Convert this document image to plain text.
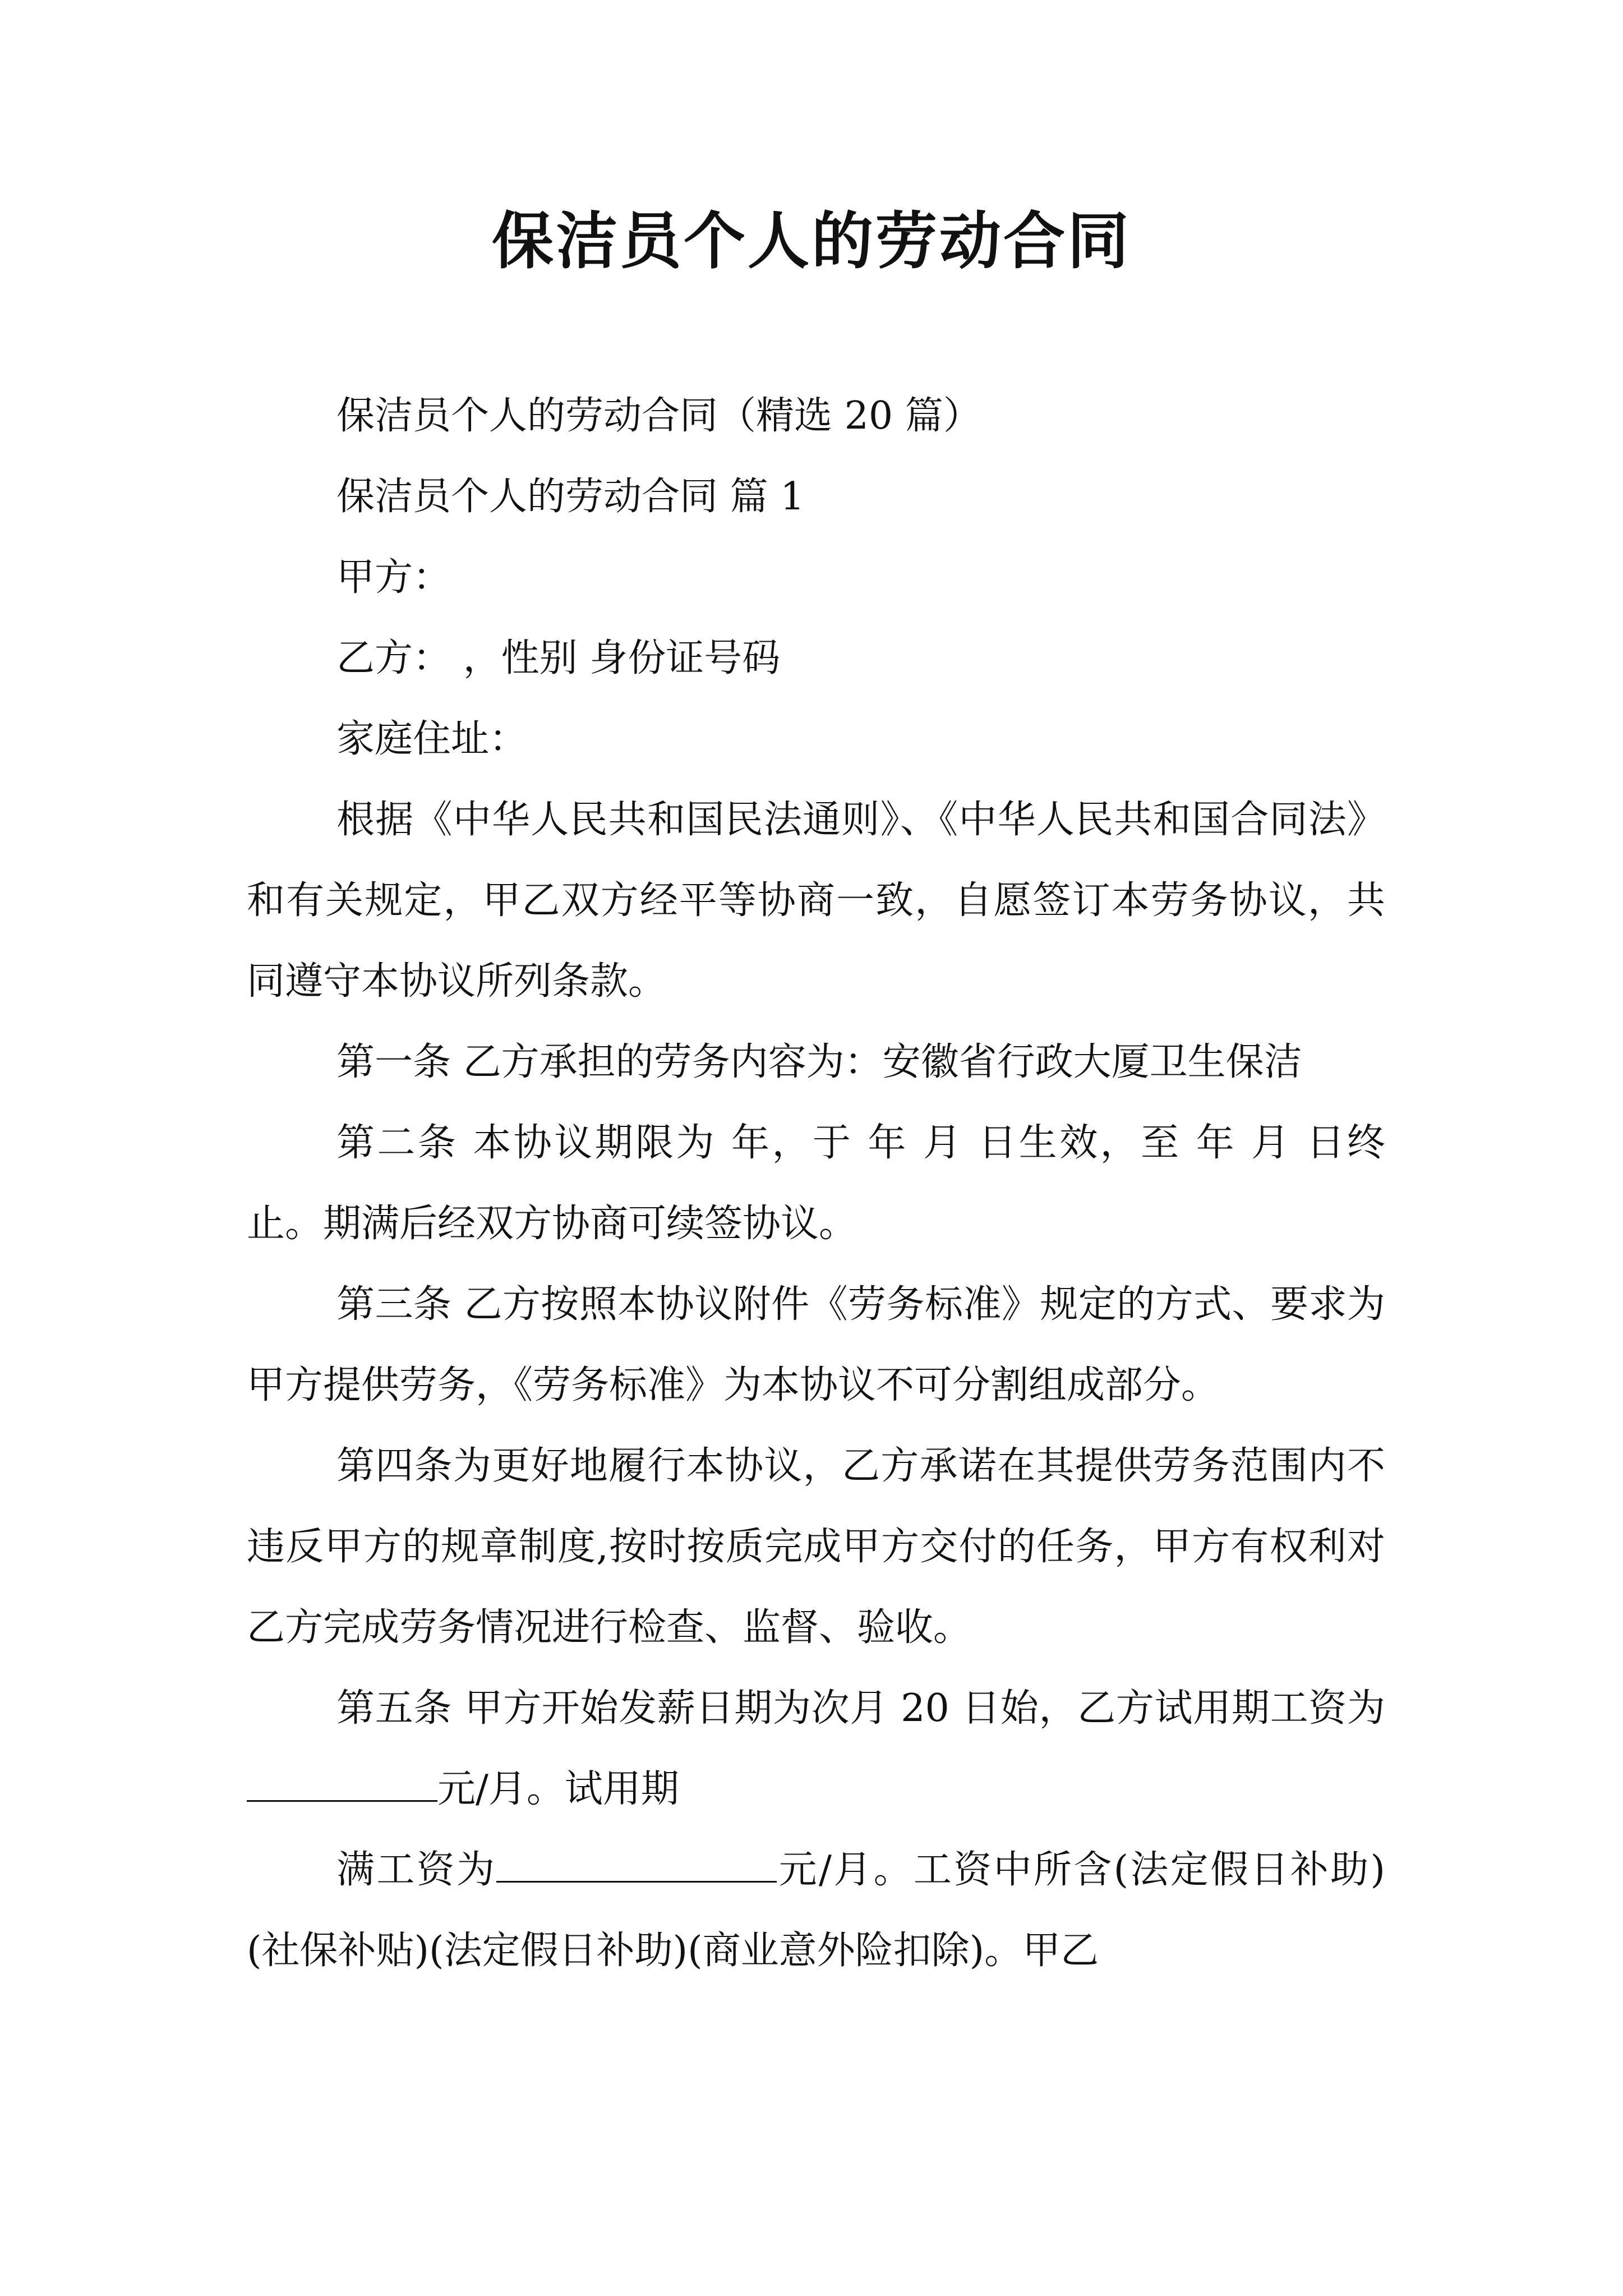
保洁员个人的劳动合同

保洁员个人的劳动合同（精选 20 篇）

保洁员个人的劳动合同 篇 1

甲方：

乙方： ，性别 身份证号码

家庭住址：

根据《中华人民共和国民法通则》、《中华人民共和国合同法》和有关规定，甲乙双方经平等协商一致，自愿签订本劳务协议，共同遵守本协议所列条款。

第一条 乙方承担的劳务内容为：安徽省行政大厦卫生保洁

第二条 本协议期限为 年，于 年 月 日生效，至 年 月 日终止。期满后经双方协商可续签协议。

第三条 乙方按照本协议附件《劳务标准》规定的方式、要求为甲方提供劳务，《劳务标准》为本协议不可分割组成部分。

第四条为更好地履行本协议，乙方承诺在其提供劳务范围内不违反甲方的规章制度,按时按质完成甲方交付的任务，甲方有权利对乙方完成劳务情况进行检查、监督、验收。

第五条 甲方开始发薪日期为次月 20 日始，乙方试用期工资为元/月。试用期

满工资为	元/月。工资中所含(法定假日补助) (社保补贴)(法定假日补助)(商业意外险扣除)。甲乙
